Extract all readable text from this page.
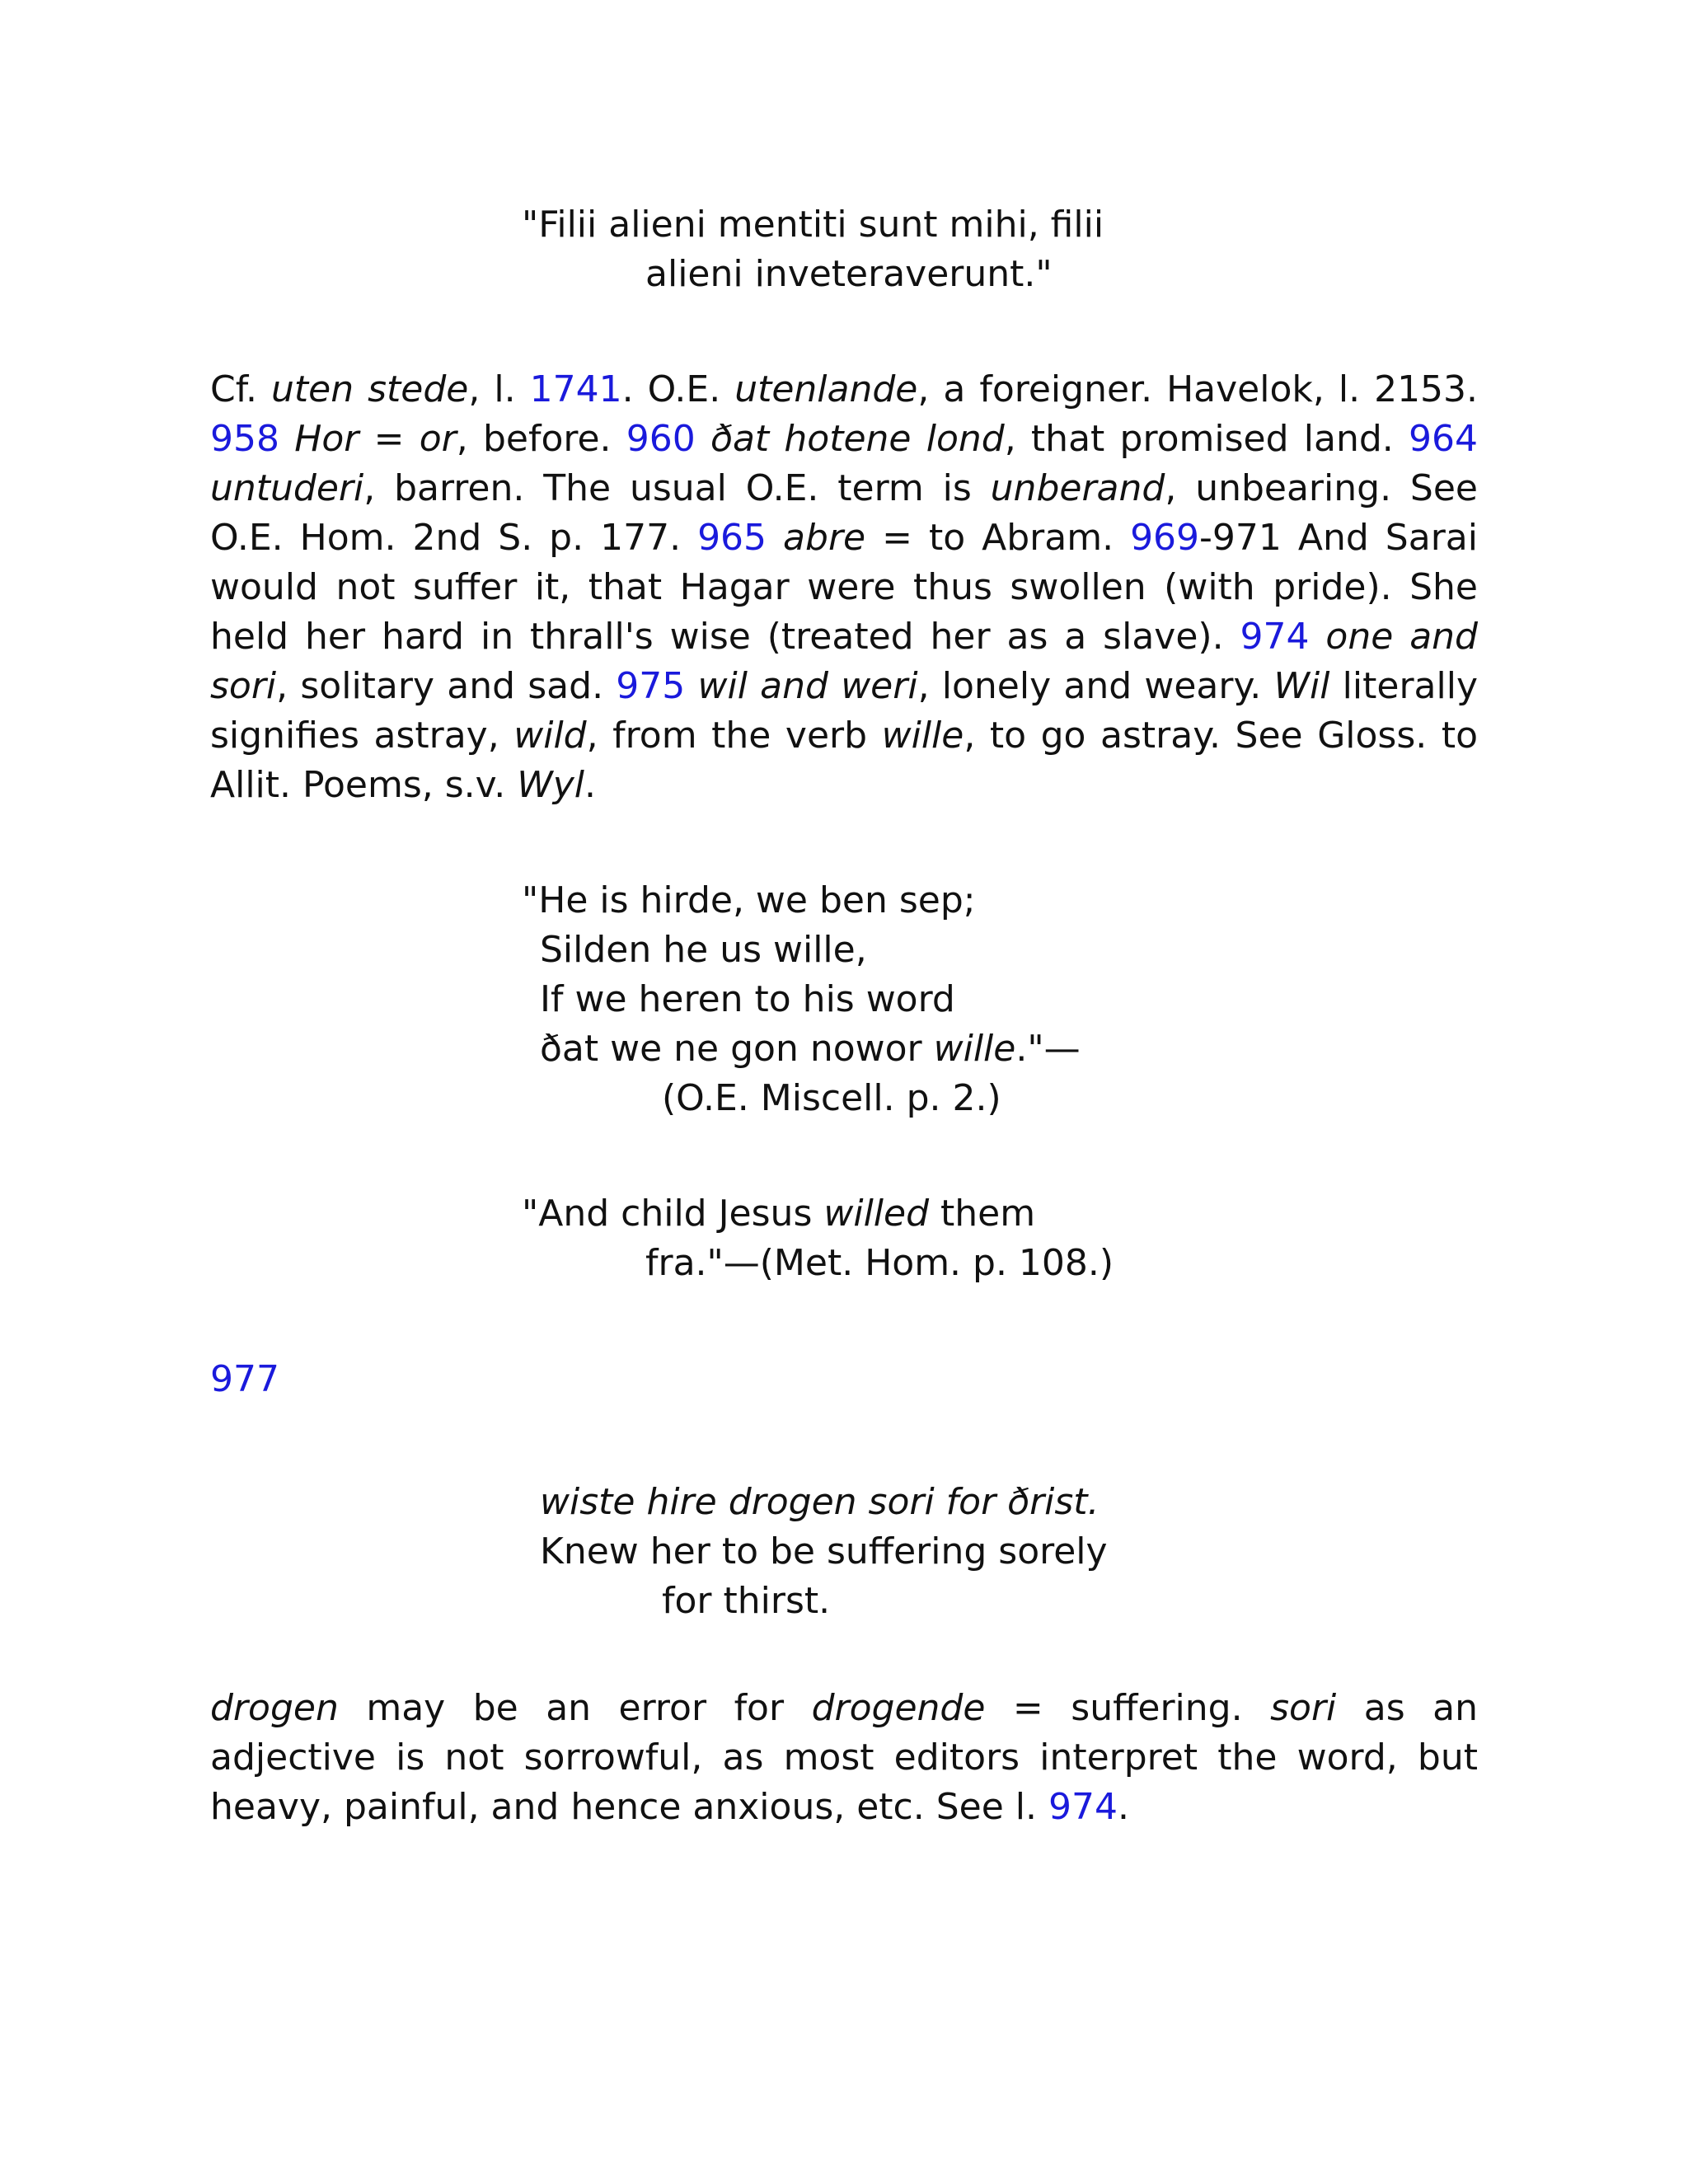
"Filii alieni mentiti sunt mihi, filii
alieni inveteraverunt."

Cf. uten stede, l. 1741. O.E. utenlande, a foreigner. Havelok, l. 2153. 958 Hor = or, before. 960 ðat hotene lond, that promised land. 964 untuderi, barren. The usual O.E. term is unberand, unbearing. See O.E. Hom. 2nd S. p. 177. 965 abre = to Abram. 969-971 And Sarai would not suffer it, that Hagar were thus swollen (with pride). She held her hard in thrall's wise (treated her as a slave). 974 one and sori, solitary and sad. 975 wil and weri, lonely and weary. Wil literally signifies astray, wild, from the verb wille, to go astray. See Gloss. to Allit. Poems, s.v. Wyl.

"He is hirde, we ben sep;
Silden he us wille,
If we heren to his word
ðat we ne gon nowor wille."—
(O.E. Miscell. p. 2.)
"And child Jesus willed them
fra."—(Met. Hom. p. 108.)

977

wiste hire drogen sori for ðrist.
Knew her to be suffering sorely
for thirst.

drogen may be an error for drogende = suffering. sori as an adjective is not sorrowful, as most editors interpret the word, but heavy, painful, and hence anxious, etc. See l. 974.
